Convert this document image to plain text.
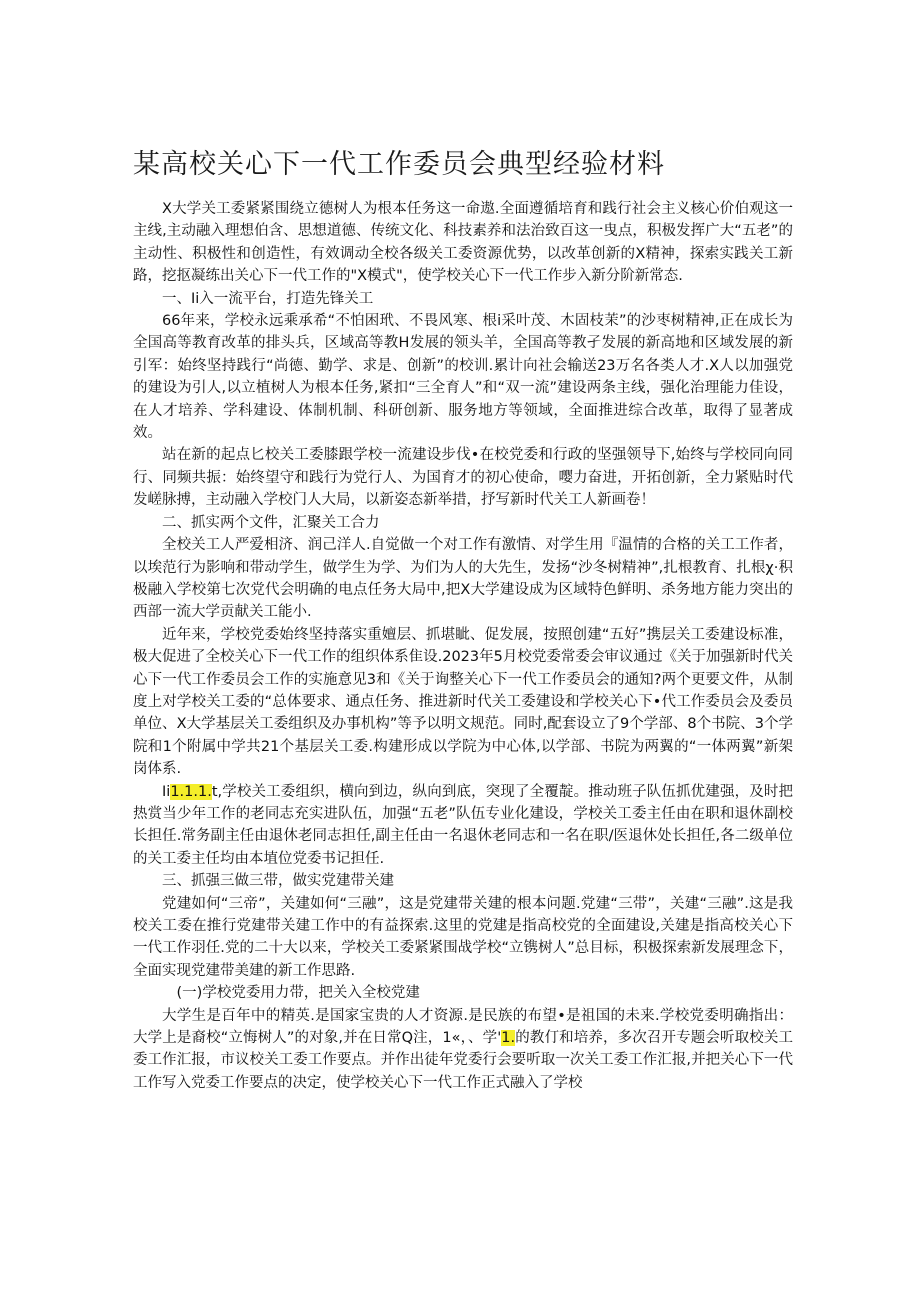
某高校关心下一代工作委员会典型经验材料

X大学关工委紧紧围绕立德树人为根本任务这一命遨.全面遵循培育和践行社会主义核心价伯观这一主线,主动融入理想伯含、思想道德、传统文化、科技素养和法治致百这一曳点，积极发挥广大“五老”的主动性、积极性和创造性，有效调动全校各级关工委资源优势，以改革创新的X精神，探索实践关工新路，挖抠凝练出关心下一代工作的"X模式"，使学校关心下一代工作步入新分阶新常态.

一、Ii入一流平台，打造先锋关工

66年来，学校永远乘承希“不怕困玳、不畏风寒、根i采叶茂、木固枝茉”的沙枣树精神,正在成长为全国高等教育改革的排头兵，区域高等教H发展的领头羊，全国高等教孑发展的新高地和区域发展的新引军：始终坚持践行“尚德、勤学、求是、创新”的校训.累计向社会输送23万名各类人才.X人以加强党的建设为引人,以立植树人为根本任务,紧扣“三全育人”和“双一流”建设两条主线，强化治理能力佳设，在人才培养、学科建设、体制机制、科研创新、服务地方等领域，全面推进综合改革，取得了显著成效。

站在新的起点匕校关工委膝跟学校一流建设步伐•在校党委和行政的坚强领导下,始终与学校同向同行、同频共振：始终望守和践行为党行人、为国育才的初心使命，嘤力奋进，开拓创新，全力紧贴时代发嵯脉搏，主动融入学校门人大局，以新姿态新举措，抒写新时代关工人新画卷！

二、抓实两个文件，汇聚关工合力

全校关工人严爱相济、润己洋人.自觉做一个对工作有激情、对学生用『温情的合格的关工工作者，以埃范行为影响和带动学生，做学生为学、为们为人的大先生，发扬“沙冬树精神”,扎根教育、扎根χ·积极融入学校第七次党代会明确的电点任务大局中,把X大学建设成为区域特色鲜明、杀务地方能力突出的西部一流大学贡献关工能小.

近年来，学校党委始终坚持落实重嬗层、抓堪眦、促发展，按照创建“五好”携层关工委建设标准，极大促进了全校关心下一代工作的组织体系隹设.2023年5月校党委常委会审议通过《关于加强新时代关心下一代工作委员会工作的实施意见3和《关于询整关心下一代工作委员会的通知?两个更要文件，从制度上对学校关工委的“总体要求、通点任务、推进新时代关工委建设和学校关心下•代工作委员会及委员单位、X大学基层关工委组织及办事机构”等予以明文规范。同时,配套设立了9个学部、8个书院、3个学院和1个附属中学共21个基层关工委.构建形成以学院为中心体,以学部、书院为两翼的“一体两翼”新架岗体系.

Ii1.1.1.t,学校关工委组织，横向到边，纵向到底，突现了全覆靛。推动班子队伍抓优建强，及时把热赏当少年工作的老同志充实进队伍，加强“五老”队伍专业化建设，学校关工委主任由在职和退休副校长担任.常务副主任由退休老同志担任,副主任由一名退休老同志和一名在职/医退休处长担任,各二级单位的关工委主任均由本埴位党委书记担任.

三、抓强三做三带，做实党建带关建

党建如何“三帝”，关建如何“三融”，这是党建带关建的根本问题.党建“三带”，关建“三融”.这是我校关工委在推行党建带关建工作中的有益探索.这里的党建是指高校党的全面建设,关建是指高校关心下一代工作羽任.党的二十大以来，学校关工委紧紧围战学校“立镌树人”总目标，积极探索新发展理念下，全面实现党建带美建的新工作思路.

(一)学校党委用力带，把关入全校党建

大学生是百年中的精英.是国家宝贵的人才资源.是民族的布望•是祖国的未来.学校党委明确指出：大学上是裔校“立悔树人”的对象,并在日常Q注，1«，、学'1.的教仃和培养，多次召开专题会听取校关工委工作汇报，市议校关工委工作要点。并作出徒年党委行会要听取一次关工委工作汇报,并把关心下一代工作写入党委工作要点的决定，使学校关心下一代工作正式融入了学校
